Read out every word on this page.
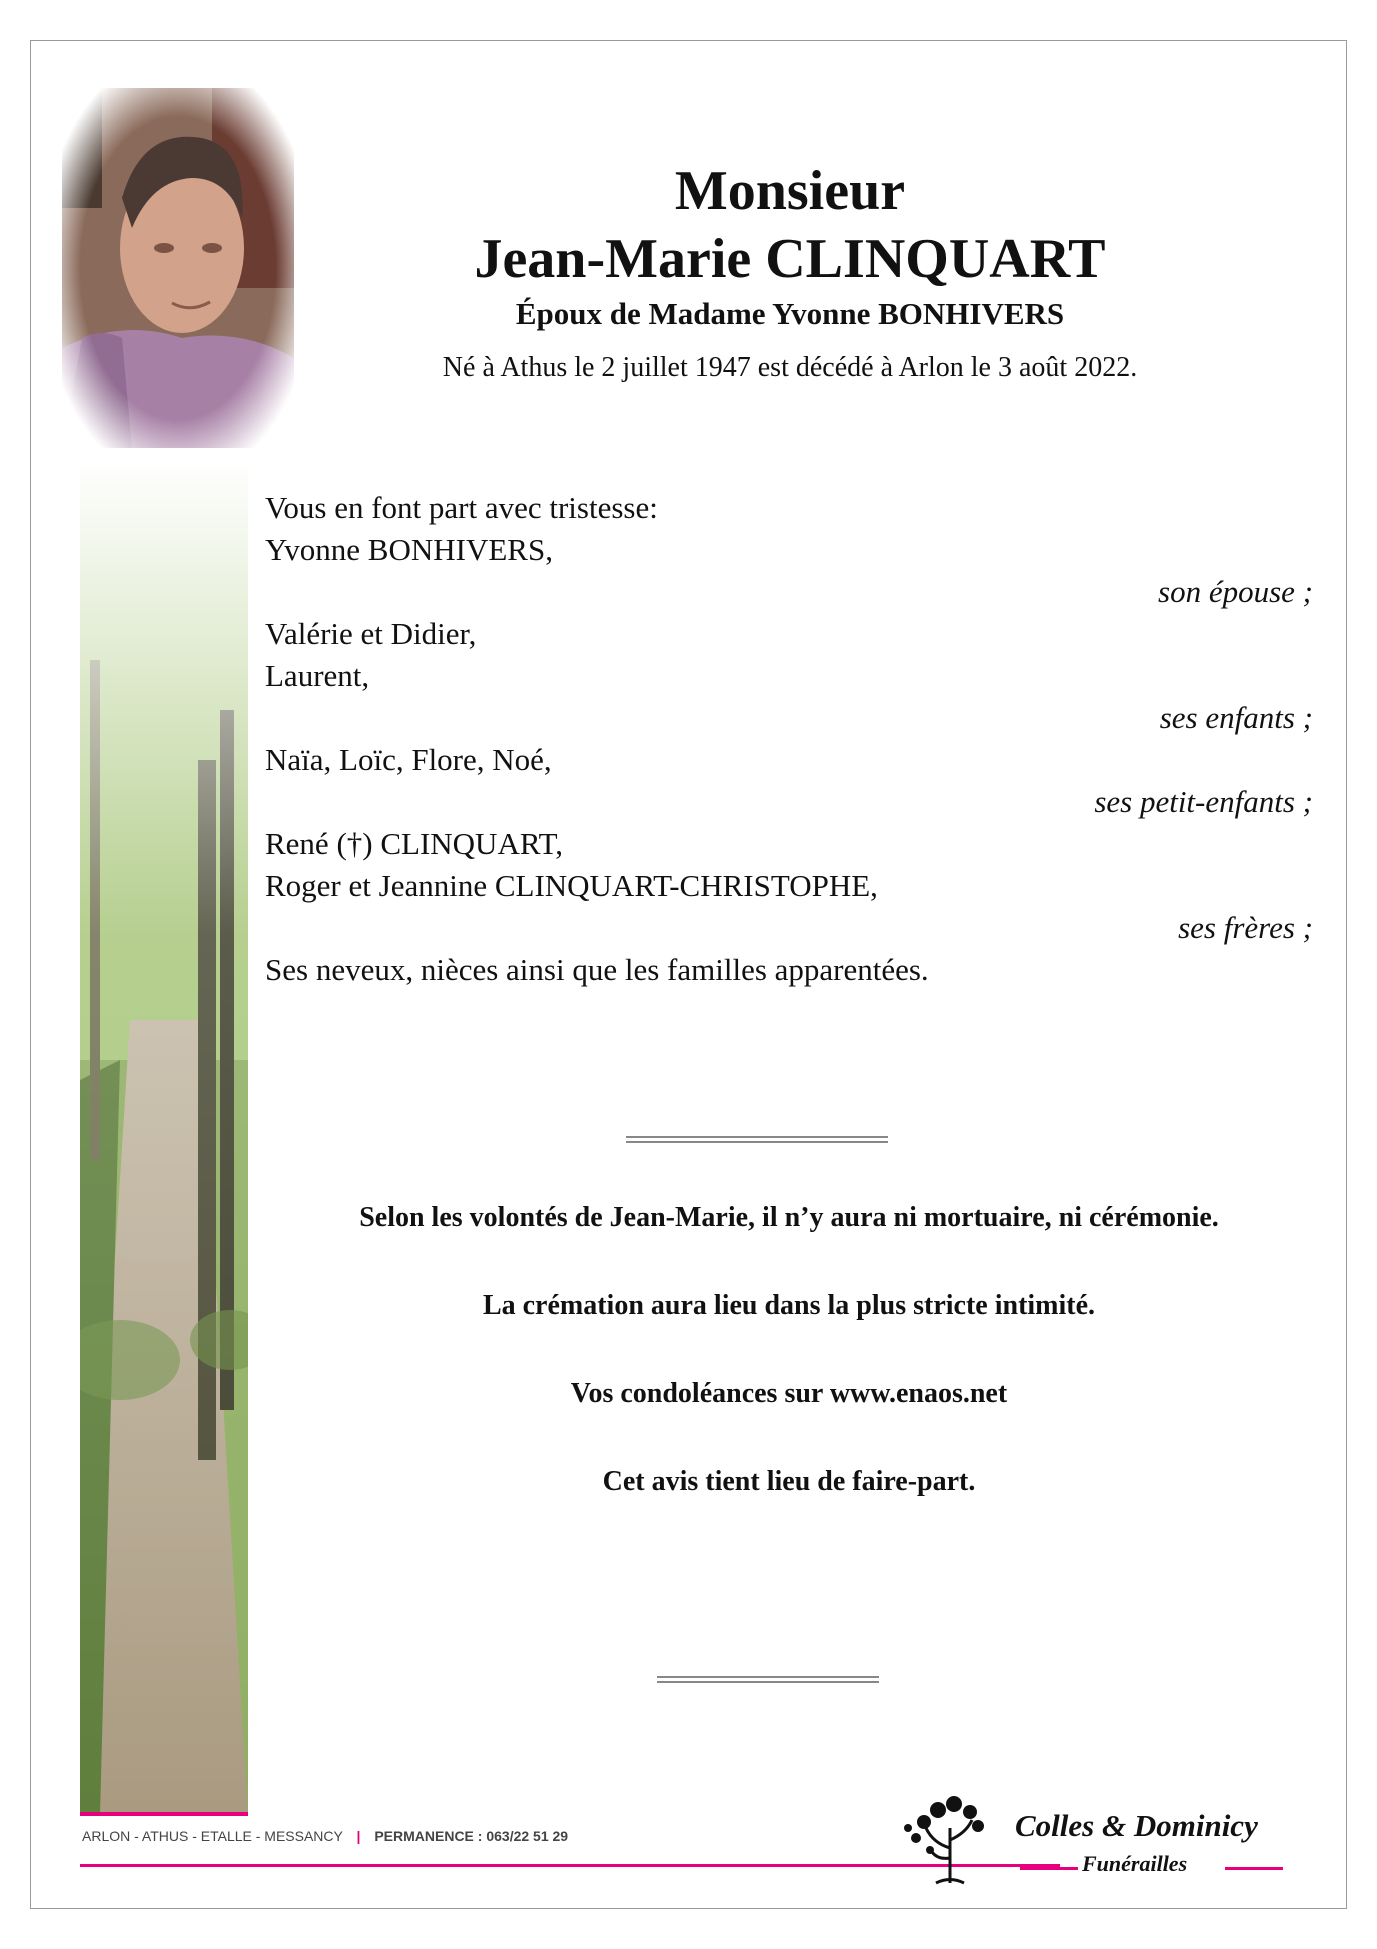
Monsieur
Jean-Marie CLINQUART
Époux de Madame Yvonne BONHIVERS
Né à Athus le 2 juillet 1947 est décédé à Arlon le 3 août 2022.
Vous en font part avec tristesse:
Yvonne BONHIVERS,
son épouse ;
Valérie et Didier,
Laurent,
ses enfants ;
Naïa, Loïc, Flore, Noé,
ses petit-enfants ;
René (†) CLINQUART,
Roger et Jeannine CLINQUART-CHRISTOPHE,
ses frères ;
Ses neveux, nièces ainsi que les familles apparentées.
Selon les volontés de Jean-Marie, il n’y aura ni mortuaire, ni cérémonie.
La crémation aura lieu dans la plus stricte intimité.
Vos condoléances sur www.enaos.net
Cet avis tient lieu de faire-part.
ARLON - ATHUS - ETALLE - MESSANCY | PERMANENCE : 063/22 51 29	Colles & Dominicy
Funérailles
